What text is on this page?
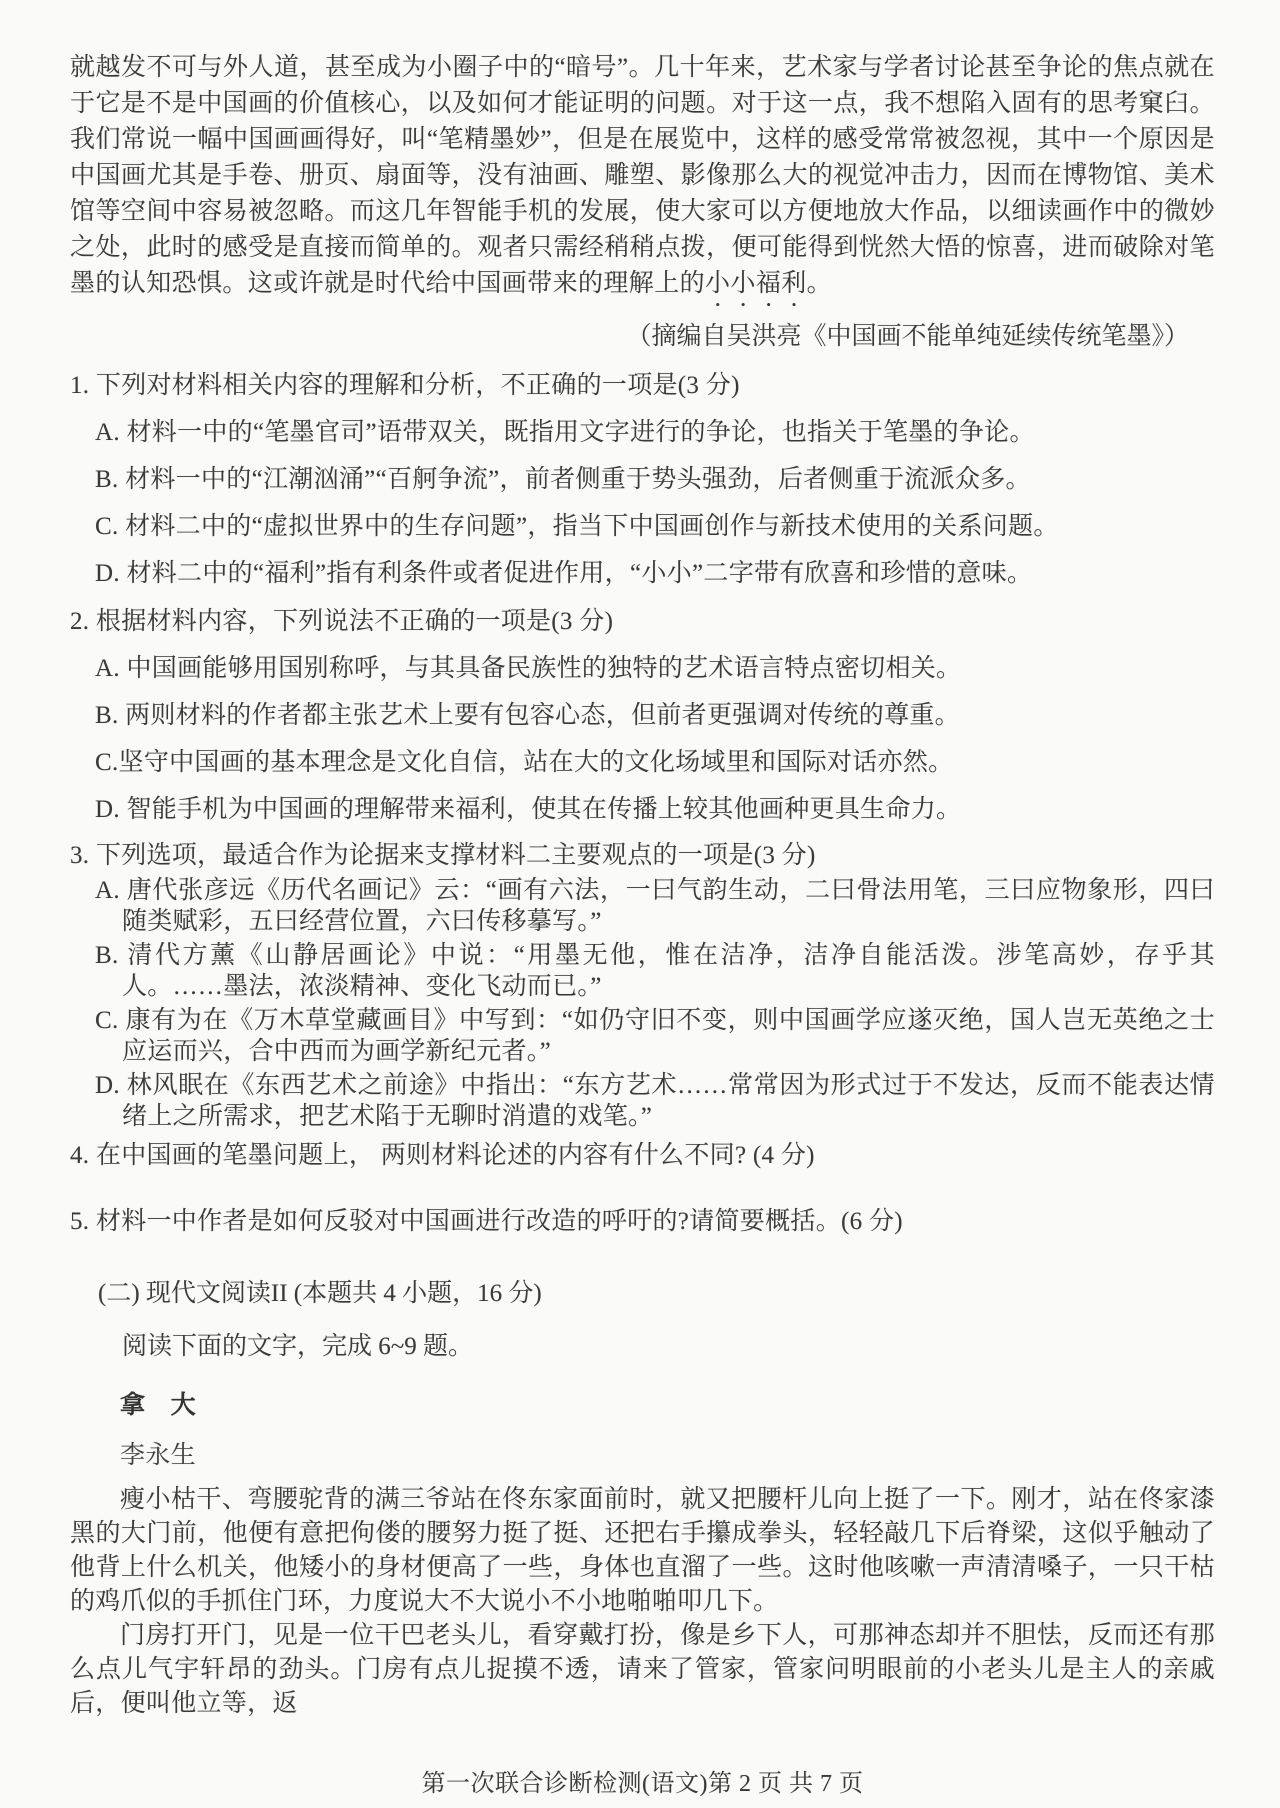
就越发不可与外人道，甚至成为小圈子中的“暗号”。几十年来，艺术家与学者讨论甚至争论的焦点就在于它是不是中国画的价值核心，以及如何才能证明的问题。对于这一点，我不想陷入固有的思考窠臼。我们常说一幅中国画画得好，叫“笔精墨妙”，但是在展览中，这样的感受常常被忽视，其中一个原因是中国画尤其是手卷、册页、扇面等，没有油画、雕塑、影像那么大的视觉冲击力，因而在博物馆、美术馆等空间中容易被忽略。而这几年智能手机的发展，使大家可以方便地放大作品，以细读画作中的微妙之处，此时的感受是直接而简单的。观者只需经稍稍点拨，便可能得到恍然大悟的惊喜，进而破除对笔墨的认知恐惧。这或许就是时代给中国画带来的理解上的小小福利。

（摘编自吴洪亮《中国画不能单纯延续传统笔墨》）

1. 下列对材料相关内容的理解和分析，不正确的一项是(3 分)

A. 材料一中的“笔墨官司”语带双关，既指用文字进行的争论，也指关于笔墨的争论。

B. 材料一中的“江潮汹涌”“百舸争流”，前者侧重于势头强劲，后者侧重于流派众多。

C. 材料二中的“虚拟世界中的生存问题”，指当下中国画创作与新技术使用的关系问题。

D. 材料二中的“福利”指有利条件或者促进作用，“小小”二字带有欣喜和珍惜的意味。

2. 根据材料内容，下列说法不正确的一项是(3 分)

A. 中国画能够用国别称呼，与其具备民族性的独特的艺术语言特点密切相关。

B. 两则材料的作者都主张艺术上要有包容心态，但前者更强调对传统的尊重。

C.坚守中国画的基本理念是文化自信，站在大的文化场域里和国际对话亦然。

D. 智能手机为中国画的理解带来福利，使其在传播上较其他画种更具生命力。

3. 下列选项，最适合作为论据来支撑材料二主要观点的一项是(3 分)

A. 唐代张彦远《历代名画记》云：“画有六法，一曰气韵生动，二曰骨法用笔，三曰应物象形，四曰随类赋彩，五曰经营位置，六曰传移摹写。”

B. 清代方薰《山静居画论》中说：“用墨无他，惟在洁净，洁净自能活泼。涉笔高妙，存乎其人。……墨法，浓淡精神、变化飞动而已。”

C. 康有为在《万木草堂藏画目》中写到：“如仍守旧不变，则中国画学应遂灭绝，国人岂无英绝之士应运而兴，合中西而为画学新纪元者。”

D. 林风眠在《东西艺术之前途》中指出：“东方艺术……常常因为形式过于不发达，反而不能表达情绪上之所需求，把艺术陷于无聊时消遣的戏笔。”

4. 在中国画的笔墨问题上， 两则材料论述的内容有什么不同? (4 分)

5. 材料一中作者是如何反驳对中国画进行改造的呼吁的?请简要概括。(6 分)

(二) 现代文阅读II (本题共 4 小题，16 分)

阅读下面的文字，完成 6~9 题。

拿　大

李永生

瘦小枯干、弯腰驼背的满三爷站在佟东家面前时，就又把腰杆儿向上挺了一下。刚才，站在佟家漆黑的大门前，他便有意把佝偻的腰努力挺了挺、还把右手攥成拳头，轻轻敲几下后脊梁，这似乎触动了他背上什么机关，他矮小的身材便高了一些，身体也直溜了一些。这时他咳嗽一声清清嗓子，一只干枯的鸡爪似的手抓住门环，力度说大不大说小不小地啪啪叩几下。

门房打开门，见是一位干巴老头儿，看穿戴打扮，像是乡下人，可那神态却并不胆怯，反而还有那么点儿气宇轩昂的劲头。门房有点儿捉摸不透，请来了管家，管家问明眼前的小老头儿是主人的亲戚后，便叫他立等，返

第一次联合诊断检测(语文)第 2 页 共 7 页
